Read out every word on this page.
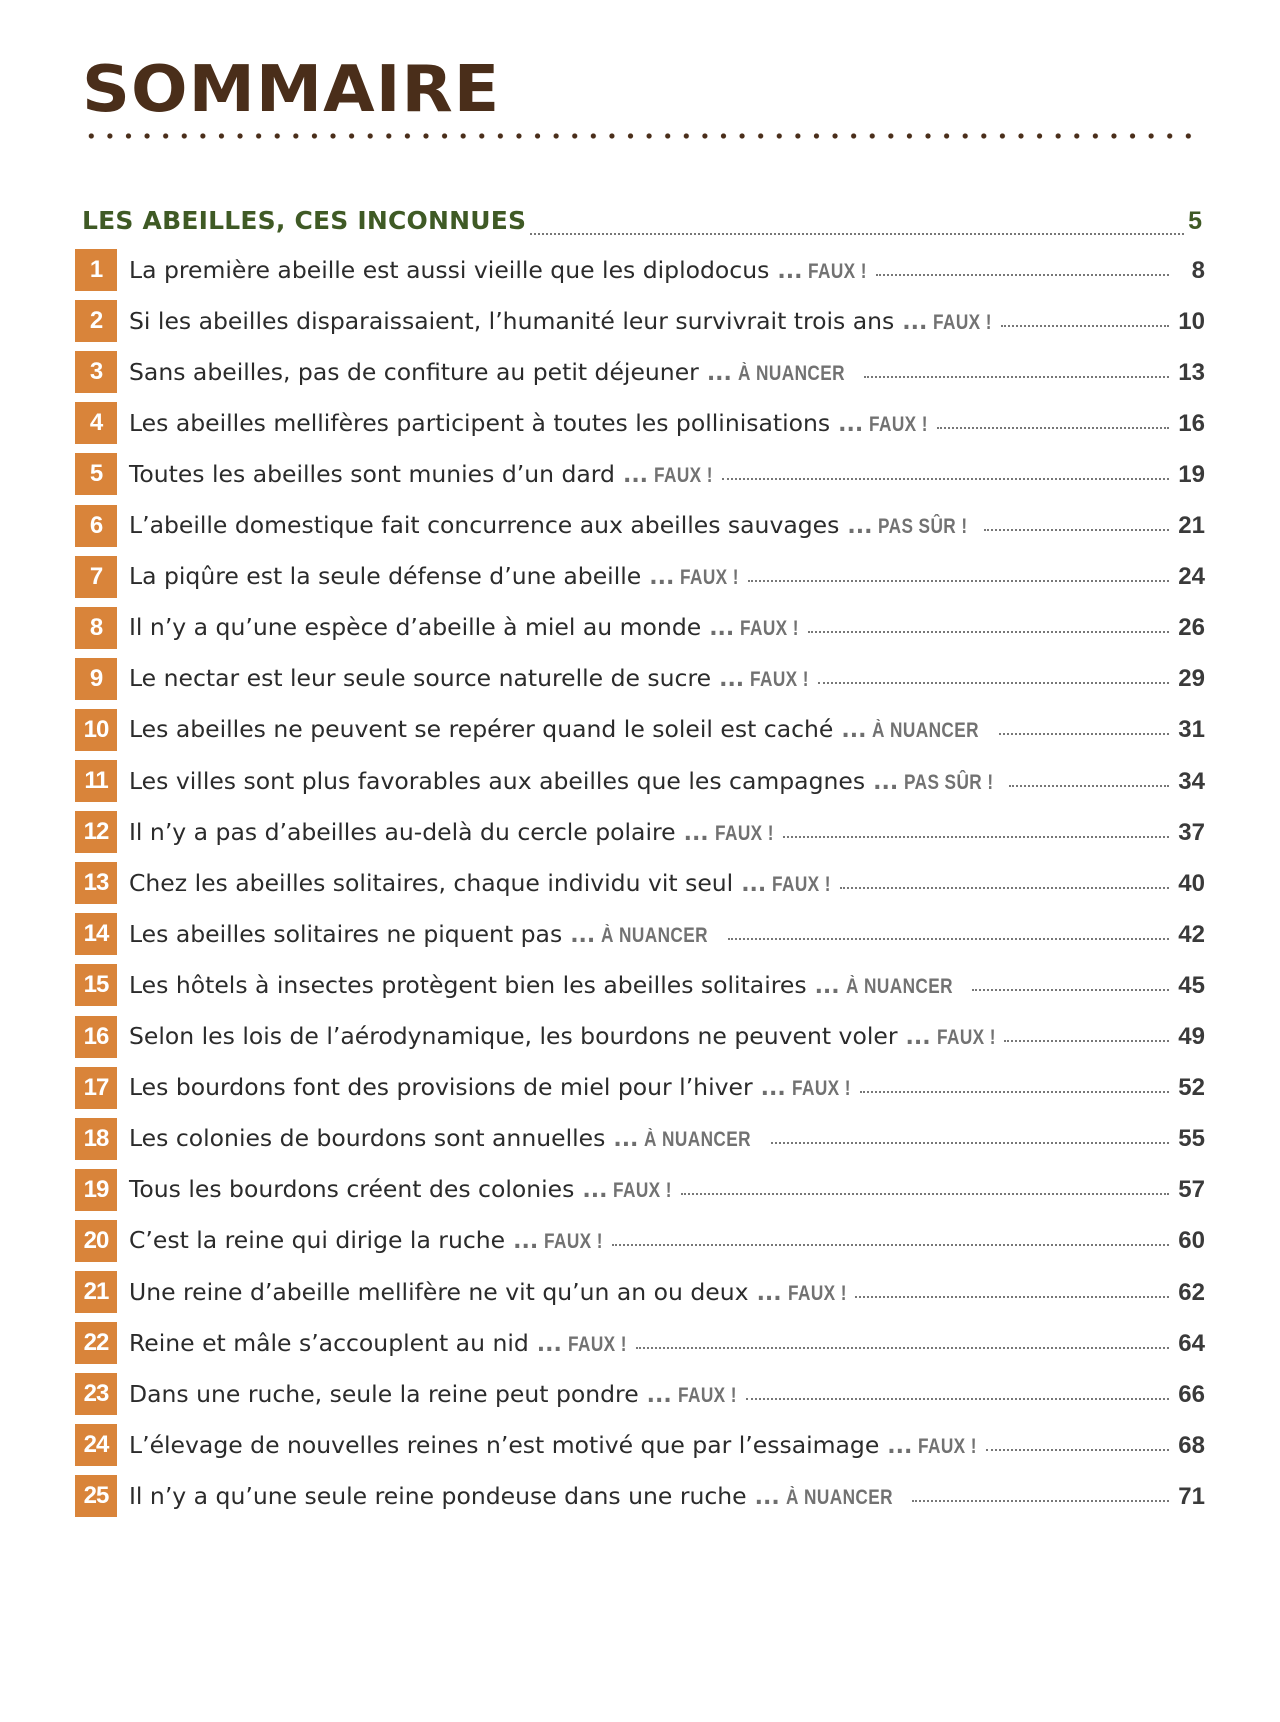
SOMMAIRE
LES ABEILLES, CES INCONNUES	5
1	La première abeille est aussi vieille que les diplodocus ... FAUX !	8
2	Si les abeilles disparaissaient, l’humanité leur survivrait trois ans ... FAUX !	10
3	Sans abeilles, pas de confiture au petit déjeuner ... À NUANCER	13
4	Les abeilles mellifères participent à toutes les pollinisations ... FAUX !	16
5	Toutes les abeilles sont munies d’un dard ... FAUX !	19
6	L’abeille domestique fait concurrence aux abeilles sauvages ... PAS SÛR !	21
7	La piqûre est la seule défense d’une abeille ... FAUX !	24
8	Il n’y a qu’une espèce d’abeille à miel au monde ... FAUX !	26
9	Le nectar est leur seule source naturelle de sucre ... FAUX !	29
10 Les abeilles ne peuvent se repérer quand le soleil est caché ... À NUANCER	31
11 Les villes sont plus favorables aux abeilles que les campagnes ... PAS SÛR !	34
12 Il n’y a pas d’abeilles au-delà du cercle polaire ... FAUX !	37
13 Chez les abeilles solitaires, chaque individu vit seul ... FAUX !	40
14 Les abeilles solitaires ne piquent pas ... À NUANCER	42
15 Les hôtels à insectes protègent bien les abeilles solitaires ... À NUANCER	45
16 Selon les lois de l’aérodynamique, les bourdons ne peuvent voler ... FAUX !	49
17 Les bourdons font des provisions de miel pour l’hiver ... FAUX !	52
18 Les colonies de bourdons sont annuelles ... À NUANCER	55
19 Tous les bourdons créent des colonies ... FAUX !	57
20 C’est la reine qui dirige la ruche ... FAUX !	60
21 Une reine d’abeille mellifère ne vit qu’un an ou deux ... FAUX !	62
22 Reine et mâle s’accouplent au nid ... FAUX !	64
23 Dans une ruche, seule la reine peut pondre ... FAUX !	66
24 L’élevage de nouvelles reines n’est motivé que par l’essaimage ... FAUX !	68
25 Il n’y a qu’une seule reine pondeuse dans une ruche ... À NUANCER	71
